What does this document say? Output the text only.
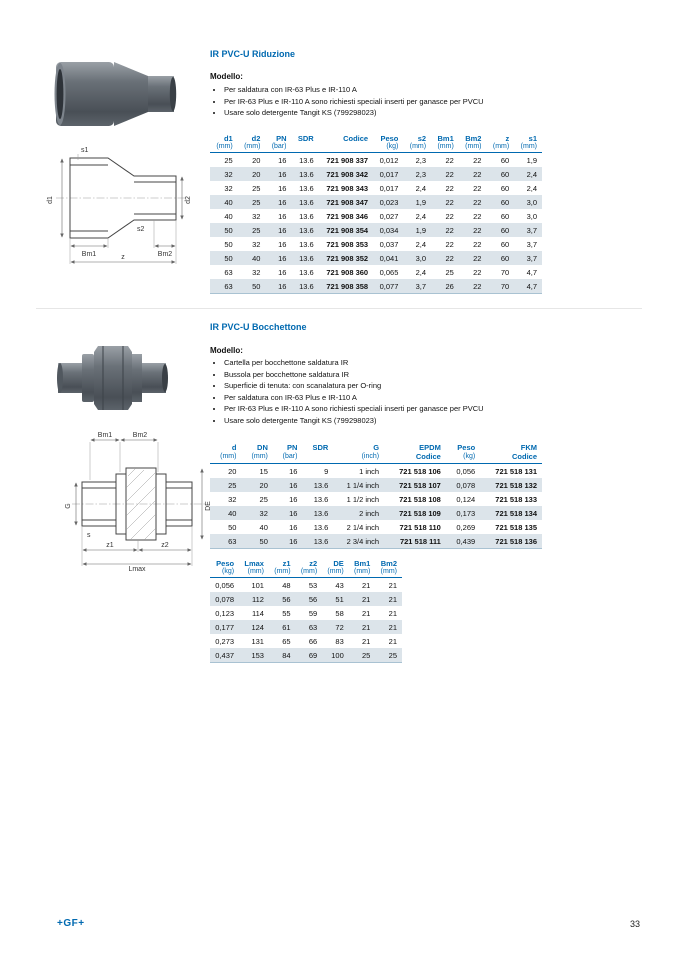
IR PVC-U Riduzione

Modello:

• Per saldatura con IR-63 Plus e IR-110 A
• Per IR-63 Plus e IR-110 A sono richiesti speciali inserti per ganasce per PVCU
• Usare solo detergente Tangit KS (799298023)
d1
s1
d2
s2
Bm1	Bm2
z
d1	d2	PN	SDR	Codice	Peso	s2	Bm1	Bm2	z	s1
(mm)	(mm)	(bar)			(kg)	(mm)	(mm)	(mm)	(mm)	(mm)
25	20	16	13.6	721 908 337	0,012	2,3	22	22	60	1,9
32	20	16	13.6	721 908 342	0,017	2,3	22	22	60	2,4
32	25	16	13.6	721 908 343	0,017	2,4	22	22	60	2,4
40	25	16	13.6	721 908 347	0,023	1,9	22	22	60	3,0
40	32	16	13.6	721 908 346	0,027	2,4	22	22	60	3,0
50	25	16	13.6	721 908 354	0,034	1,9	22	22	60	3,7
50	32	16	13.6	721 908 353	0,037	2,4	22	22	60	3,7
50	40	16	13.6	721 908 352	0,041	3,0	22	22	60	3,7
63	32	16	13.6	721 908 360	0,065	2,4	25	22	70	4,7
63	50	16	13.6	721 908 358	0,077	3,7	26	22	70	4,7
IR PVC-U Bocchettone

Modello:

• Cartella per bocchettone saldatura IR
• Bussola per bocchettone saldatura IR
• Superficie di tenuta: con scanalatura per O-ring
• Per saldatura con IR-63 Plus e IR-110 A
• Per IR-63 Plus e IR-110 A sono richiesti speciali inserti per ganasce per PVCU
• Usare solo detergente Tangit KS (799298023)
Bm1	Bm2
G	DE
s
z1	z2
Lmax
d	DN	PN	SDR	G	EPDM	Peso	FKM
(mm)	(mm)	(bar)		(inch)	Codice	(kg)	Codice
20	15	16	9	1 inch	721 518 106	0,056	721 518 131
25	20	16	13.6	1 1/4 inch	721 518 107	0,078	721 518 132
32	25	16	13.6	1 1/2 inch	721 518 108	0,124	721 518 133
40	32	16	13.6	2 inch	721 518 109	0,173	721 518 134
50	40	16	13.6	2 1/4 inch	721 518 110	0,269	721 518 135
63	50	16	13.6	2 3/4 inch	721 518 111	0,439	721 518 136
Peso	Lmax	z1	z2	DE	Bm1	Bm2
(kg)	(mm)	(mm)	(mm)	(mm)	(mm)	(mm)
0,056	101	48	53	43	21	21
0,078	112	56	56	51	21	21
0,123	114	55	59	58	21	21
0,177	124	61	63	72	21	21
0,273	131	65	66	83	21	21
0,437	153	84	69	100	25	25
+GF+	33
